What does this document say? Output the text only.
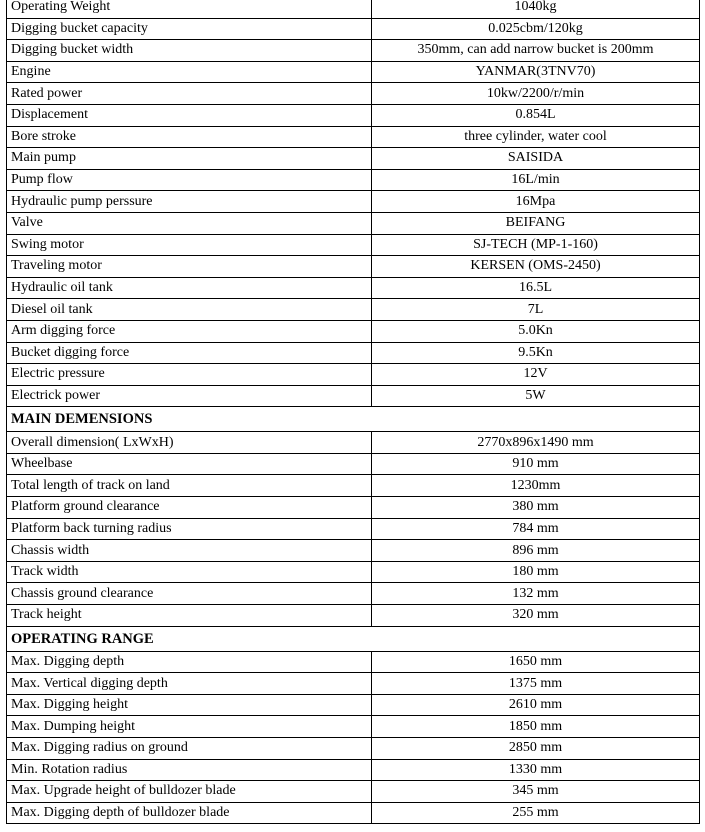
Operating Weight	1040kg
Digging bucket capacity	0.025cbm/120kg
Digging bucket width	350mm, can add narrow bucket is 200mm
Engine	YANMAR(3TNV70)
Rated power	10kw/2200/r/min
Displacement	0.854L
Bore stroke	three cylinder, water cool
Main pump	SAISIDA
Pump flow	16L/min
Hydraulic pump perssure	16Mpa
Valve	BEIFANG
Swing motor	SJ-TECH (MP-1-160)
Traveling motor	KERSEN (OMS-2450)
Hydraulic oil tank	16.5L
Diesel oil tank	7L
Arm digging force	5.0Kn
Bucket digging force	9.5Kn
Electric pressure	12V
Electrick power	5W
MAIN DEMENSIONS	
Overall dimension( LxWxH)	2770x896x1490 mm
Wheelbase	910 mm
Total length of track on land	1230mm
Platform ground clearance	380 mm
Platform back turning radius	784 mm
Chassis width	896 mm
Track width	180 mm
Chassis ground clearance	132 mm
Track height	320 mm
OPERATING RANGE	
Max. Digging depth	1650 mm
Max. Vertical digging depth	1375 mm
Max. Digging height	2610 mm
Max. Dumping height	1850 mm
Max. Digging radius on ground	2850 mm
Min. Rotation radius	1330 mm
Max. Upgrade height of bulldozer blade	345 mm
Max. Digging depth of bulldozer blade	255 mm
